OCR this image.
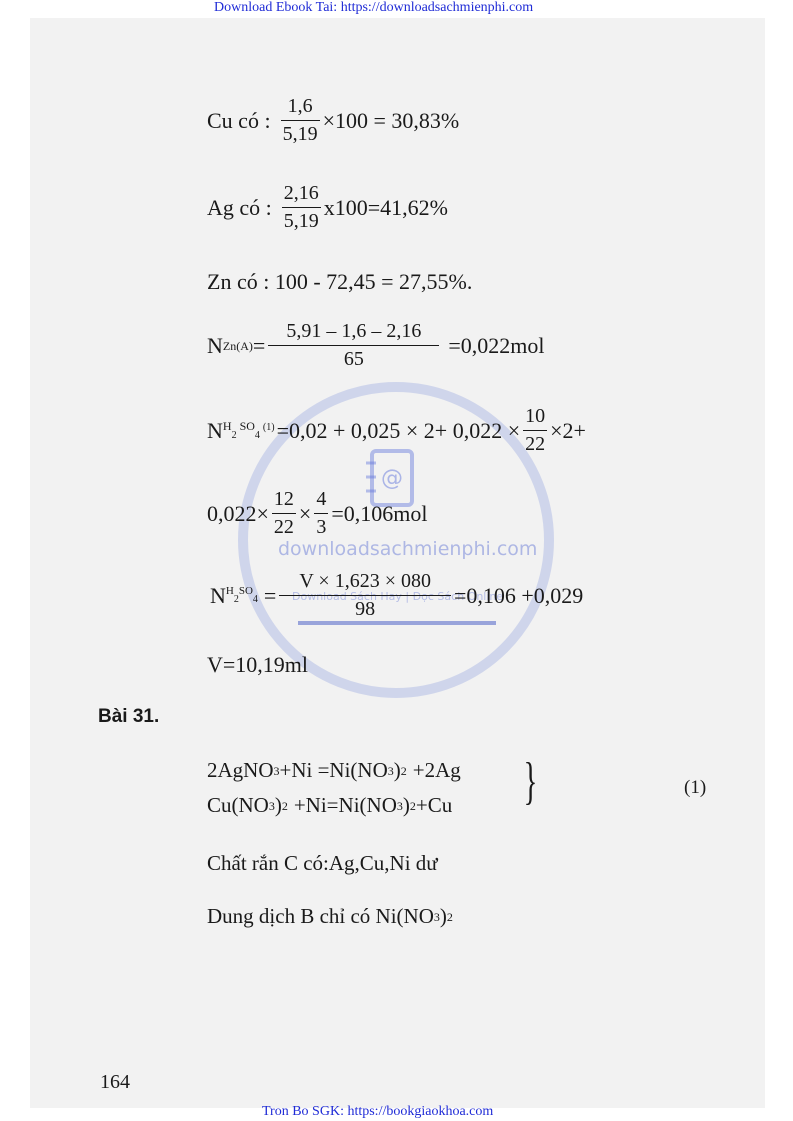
Download Ebook Tai: https://downloadsachmienphi.com
@
downloadsachmienphi.com
Download Sách Hay | Đọc Sách Online
Cu có : $\frac{1,6}{5,19} \times 100 = 30,83\%$
Ag có : $\frac{2,16}{5,19} x100=41,62\%$
Zn có : 100 - 72,45 = 27,55%.
N $Zn(A) = \frac{5,91 - 1,6 - 2,16}{65} =0,022mol$
N $H_2$ $SO_4$ $(1) =0,02 + 0,025 \times 2+ 0,022 \times \frac{10}{22} \times 2+$
$0,022\times \frac{12}{22} \times \frac{4}{3} =0,106mol$
N $H2SO4 = \frac{V \times 1,623 \times 080}{98} =0,106 +0,029$
V=10,19ml
Bài 31.
2AgNO 3 +Ni =Ni(NO 3 ) 2 +2Ag
Cu(NO 3 ) 2 +Ni=Ni(NO 3 ) 2 +Cu }	(1)
Chất rắn C có:Ag,Cu,Ni dư
Dung dịch B chỉ có Ni(NO 3 ) 2
164
Tron Bo SGK: https://bookgiaokhoa.com
